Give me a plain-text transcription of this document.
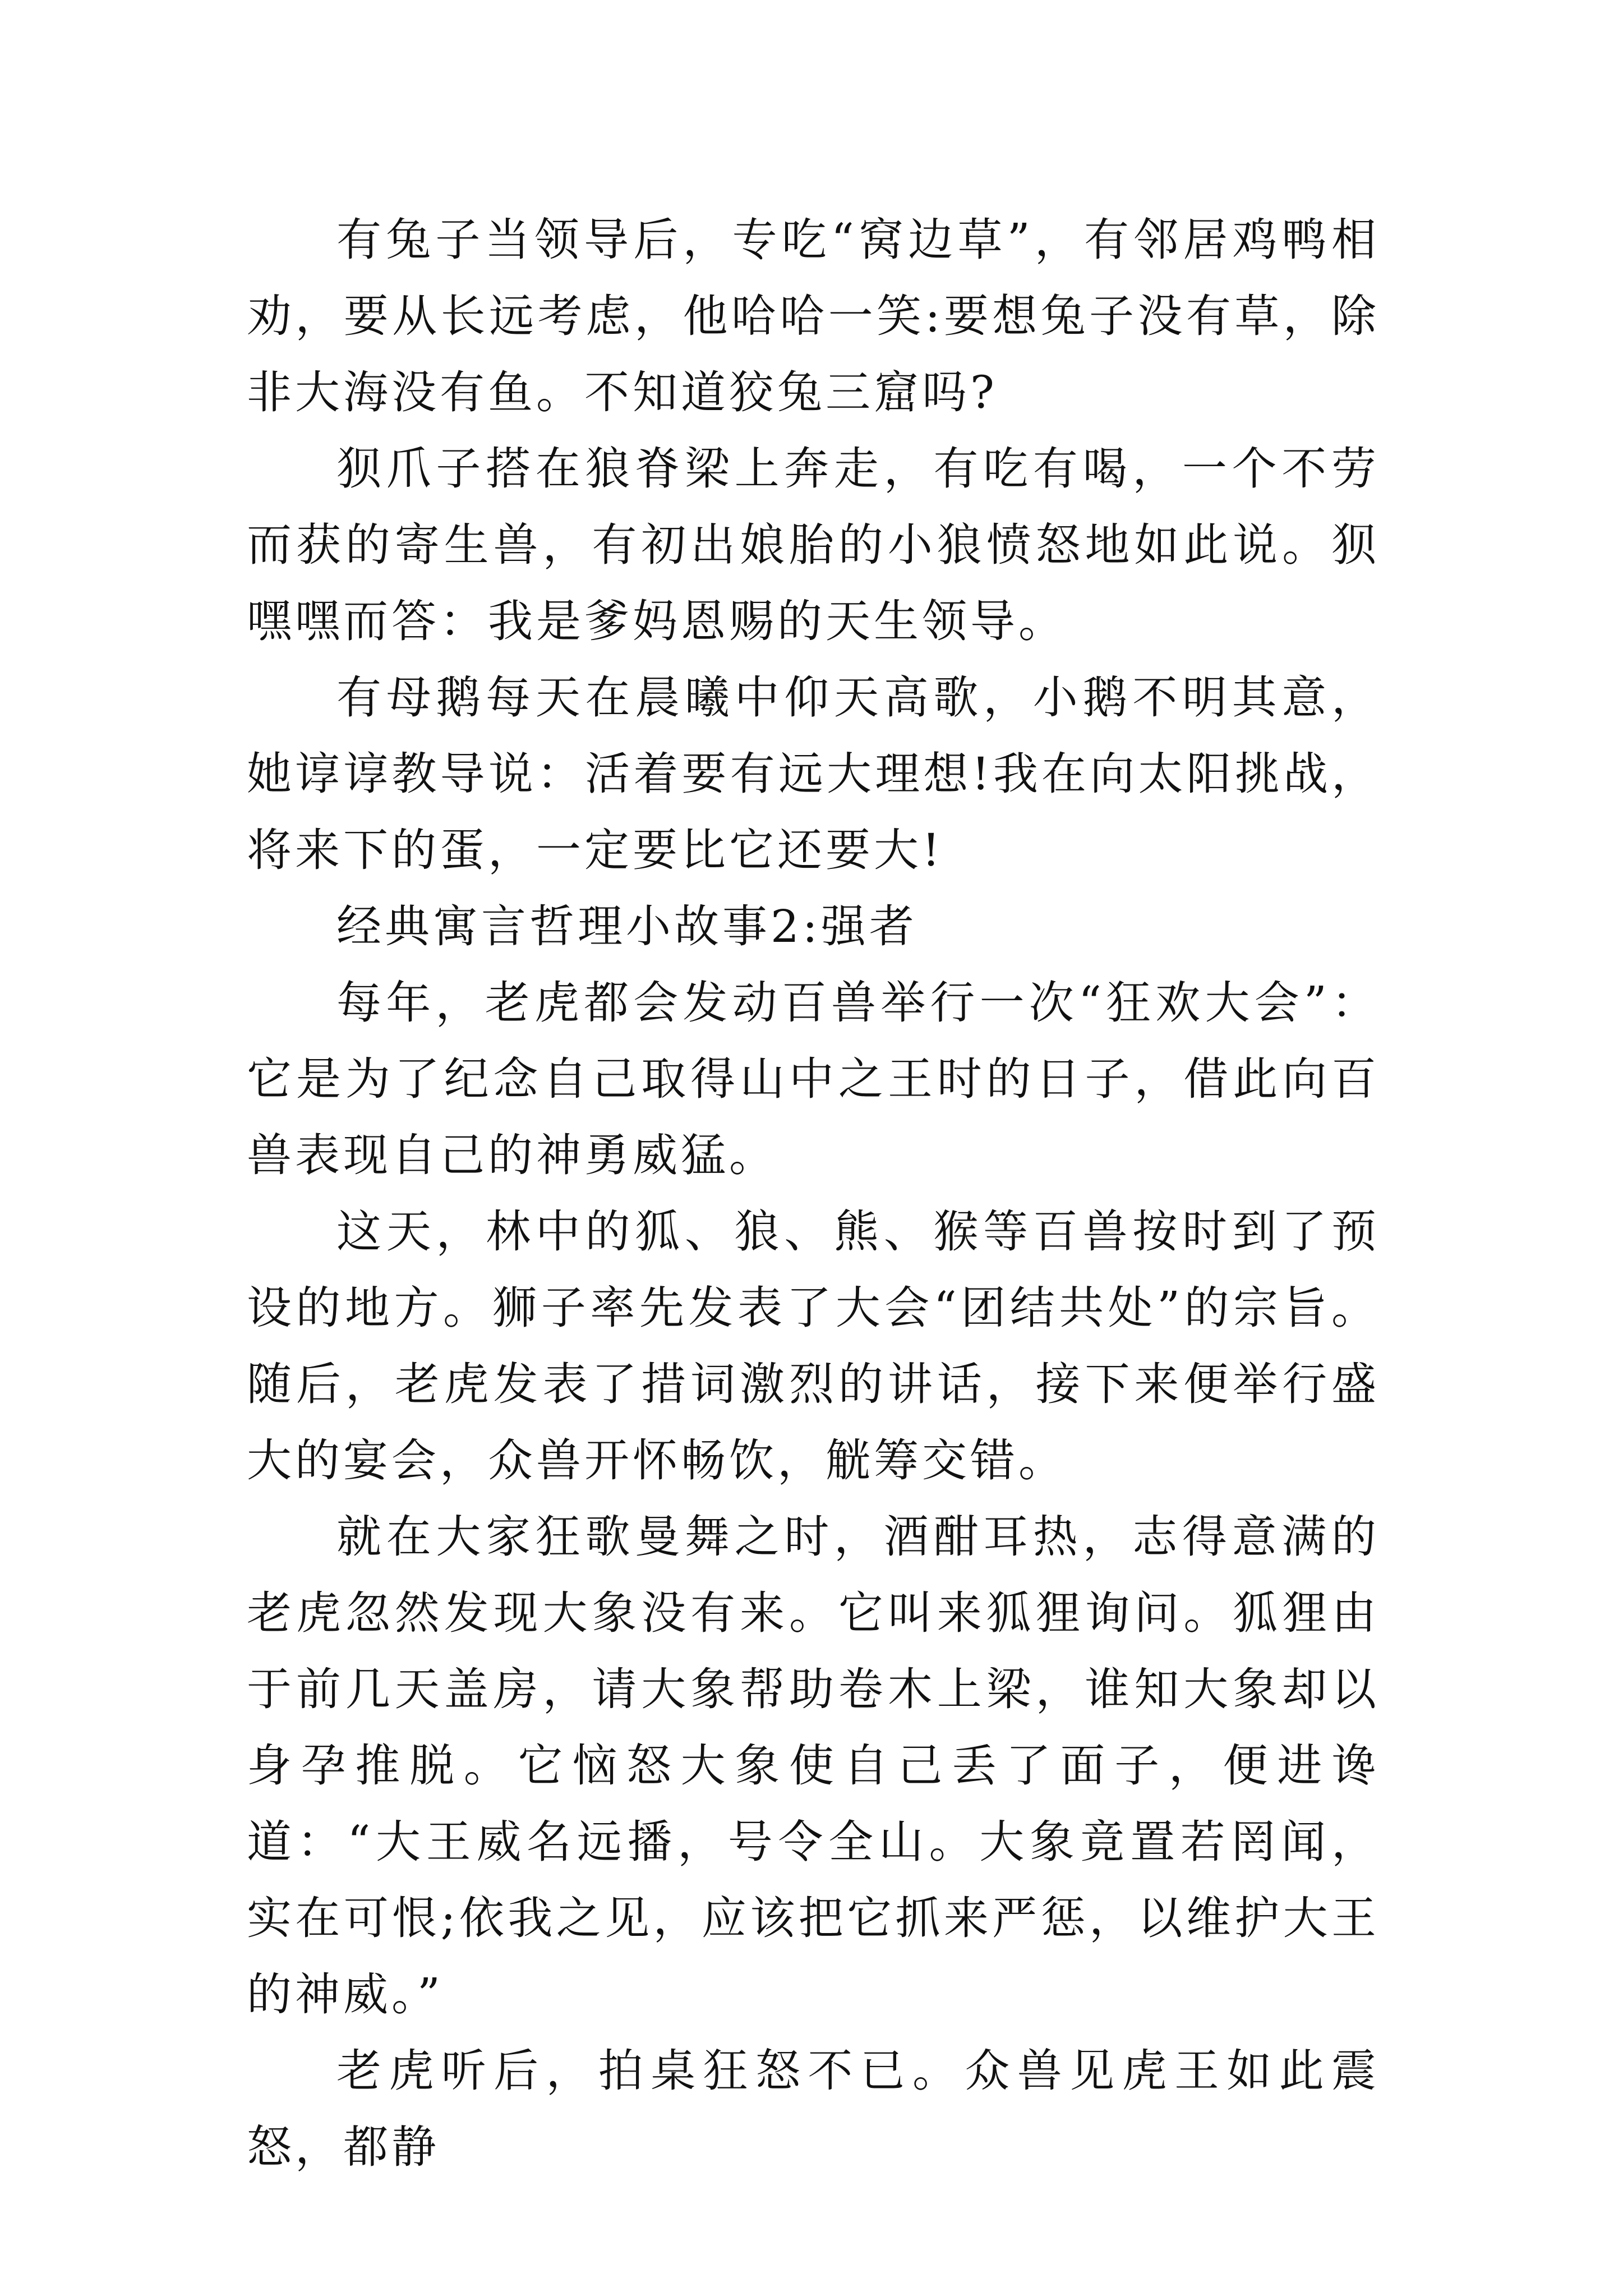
有兔子当领导后，专吃“窝边草”，有邻居鸡鸭相劝，要从长远考虑，他哈哈一笑:要想兔子没有草，除非大海没有鱼。不知道狡兔三窟吗?

狈爪子搭在狼脊梁上奔走，有吃有喝，一个不劳而获的寄生兽，有初出娘胎的小狼愤怒地如此说。狈嘿嘿而答：我是爹妈恩赐的天生领导。

有母鹅每天在晨曦中仰天高歌，小鹅不明其意，她谆谆教导说：活着要有远大理想!我在向太阳挑战，将来下的蛋，一定要比它还要大!

经典寓言哲理小故事2:强者

每年，老虎都会发动百兽举行一次“狂欢大会”：它是为了纪念自己取得山中之王时的日子，借此向百兽表现自己的神勇威猛。

这天，林中的狐、狼、熊、猴等百兽按时到了预设的地方。狮子率先发表了大会“团结共处”的宗旨。随后，老虎发表了措词激烈的讲话，接下来便举行盛大的宴会，众兽开怀畅饮，觥筹交错。

就在大家狂歌曼舞之时，酒酣耳热，志得意满的老虎忽然发现大象没有来。它叫来狐狸询问。狐狸由于前几天盖房，请大象帮助卷木上梁，谁知大象却以身孕推脱。它恼怒大象使自己丢了面子，便进谗道：“大王威名远播，号令全山。大象竟置若罔闻，实在可恨;依我之见，应该把它抓来严惩，以维护大王的神威。”

老虎听后，拍桌狂怒不已。众兽见虎王如此震怒，都静
